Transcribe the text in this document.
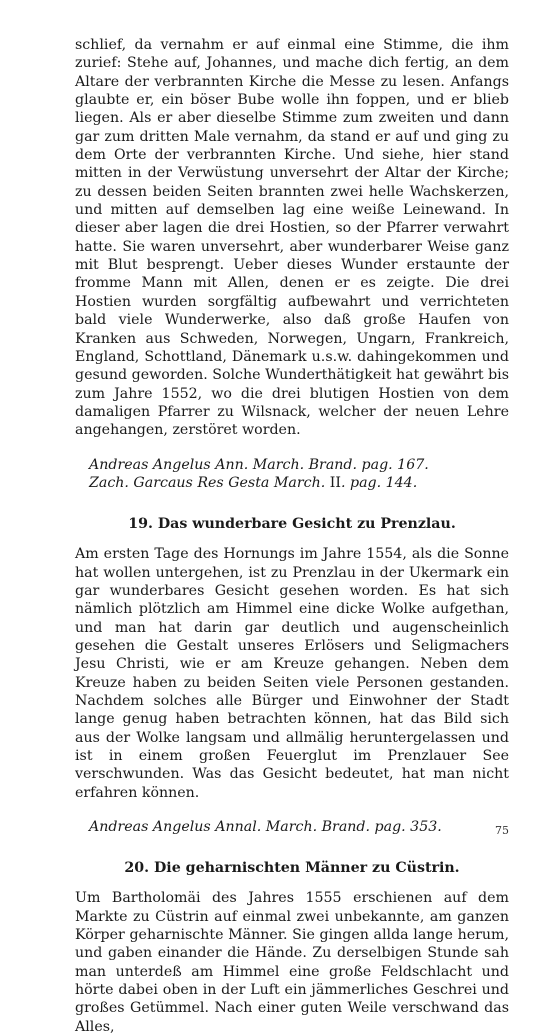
schlief, da vernahm er auf einmal eine Stimme, die ihm zurief: Stehe auf, Johannes, und mache dich fertig, an dem Altare der verbrannten Kirche die Messe zu lesen. Anfangs glaubte er, ein böser Bube wolle ihn foppen, und er blieb liegen. Als er aber dieselbe Stimme zum zweiten und dann gar zum dritten Male vernahm, da stand er auf und ging zu dem Orte der verbrannten Kirche. Und siehe, hier stand mitten in der Verwüstung unversehrt der Altar der Kirche; zu dessen beiden Seiten brannten zwei helle Wachskerzen, und mitten auf demselben lag eine weiße Leinewand. In dieser aber lagen die drei Hostien, so der Pfarrer verwahrt hatte. Sie waren unversehrt, aber wunderbarer Weise ganz mit Blut besprengt. Ueber dieses Wunder erstaunte der fromme Mann mit Allen, denen er es zeigte. Die drei Hostien wurden sorgfältig aufbewahrt und verrichteten bald viele Wunderwerke, also daß große Haufen von Kranken aus Schweden, Norwegen, Ungarn, Frankreich, England, Schottland, Dänemark u.s.w. dahingekommen und gesund geworden. Solche Wunderthätigkeit hat gewährt bis zum Jahre 1552, wo die drei blutigen Hostien von dem damaligen Pfarrer zu Wilsnack, welcher der neuen Lehre angehangen, zerstöret worden.

Andreas Angelus Ann. March. Brand. pag. 167.
Zach. Garcaus Res Gesta March. II. pag. 144.
19. Das wunderbare Gesicht zu Prenzlau.

Am ersten Tage des Hornungs im Jahre 1554, als die Sonne hat wollen untergehen, ist zu Prenzlau in der Ukermark ein gar wunderbares Gesicht gesehen worden. Es hat sich nämlich plötzlich am Himmel eine dicke Wolke aufgethan, und man hat darin gar deutlich und augenscheinlich gesehen die Gestalt unseres Erlösers und Seligmachers Jesu Christi, wie er am Kreuze gehangen. Neben dem Kreuze haben zu beiden Seiten viele Personen gestanden. Nachdem solches alle Bürger und Einwohner der Stadt lange genug haben betrachten können, hat das Bild sich aus der Wolke langsam und allmälig heruntergelassen und ist in einem großen Feuerglut im Prenzlauer See verschwunden. Was das Gesicht bedeutet, hat man nicht erfahren können.

Andreas Angelus Annal. March. Brand. pag. 353.
20. Die geharnischten Männer zu Cüstrin.

Um Bartholomäi des Jahres 1555 erschienen auf dem Markte zu Cüstrin auf einmal zwei unbekannte, am ganzen Körper geharnischte Männer. Sie gingen allda lange herum, und gaben einander die Hände. Zu derselbigen Stunde sah man unterdeß am Himmel eine große Feldschlacht und hörte dabei oben in der Luft ein jämmerliches Geschrei und großes Getümmel. Nach einer guten Weile verschwand das Alles,

75
